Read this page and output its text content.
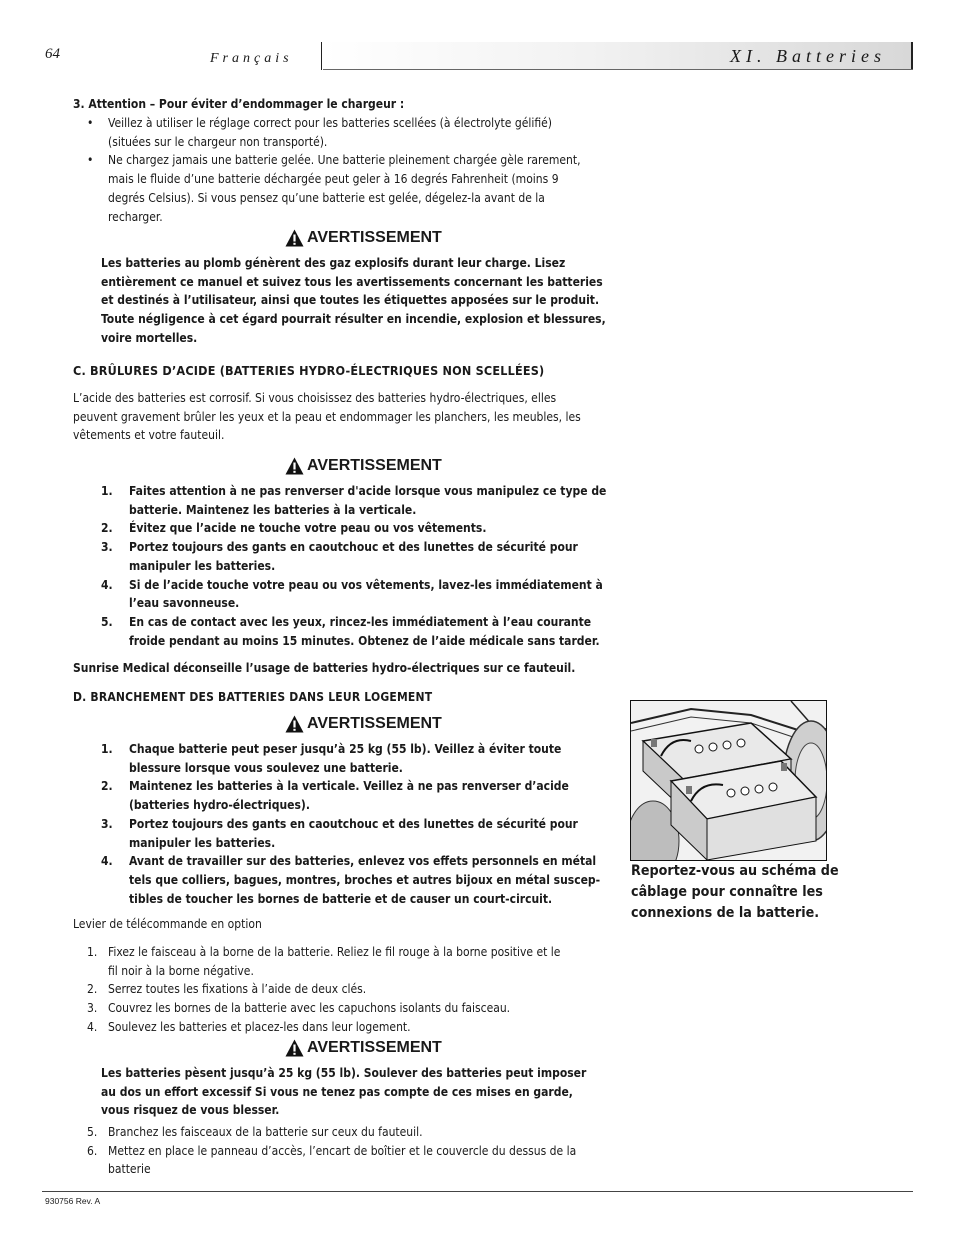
64	Français	XI. Batteries
3. Attention – Pour éviter d’endommager le chargeur :
• Veillez à utiliser le réglage correct pour les batteries scellées (à électrolyte gélifié)
(situées sur le chargeur non transporté).
• Ne chargez jamais une batterie gelée. Une batterie pleinement chargée gèle rarement,
mais le fluide d’une batterie déchargée peut geler à 16 degrés Fahrenheit (moins 9
degrés Celsius). Si vous pensez qu’une batterie est gelée, dégelez-la avant de la
recharger.
AVERTISSEMENT
Les batteries au plomb génèrent des gaz explosifs durant leur charge. Lisez
entièrement ce manuel et suivez tous les avertissements concernant les batteries
et destinés à l’utilisateur, ainsi que toutes les étiquettes apposées sur le produit.
Toute négligence à cet égard pourrait résulter en incendie, explosion et blessures,
voire mortelles.
C. BRÛLURES D’ACIDE (BATTERIES HYDRO-ÉLECTRIQUES NON SCELLÉES)
L’acide des batteries est corrosif. Si vous choisissez des batteries hydro-électriques, elles
peuvent gravement brûler les yeux et la peau et endommager les planchers, les meubles, les
vêtements et votre fauteuil.
AVERTISSEMENT
1. Faites attention à ne pas renverser d'acide lorsque vous manipulez ce type de
batterie. Maintenez les batteries à la verticale.
2. Évitez que l’acide ne touche votre peau ou vos vêtements.
3. Portez toujours des gants en caoutchouc et des lunettes de sécurité pour
manipuler les batteries.
4. Si de l’acide touche votre peau ou vos vêtements, lavez-les immédiatement à
l’eau savonneuse.
5. En cas de contact avec les yeux, rincez-les immédiatement à l’eau courante
froide pendant au moins 15 minutes. Obtenez de l’aide médicale sans tarder.
Sunrise Medical déconseille l’usage de batteries hydro-électriques sur ce fauteuil.
D. BRANCHEMENT DES BATTERIES DANS LEUR LOGEMENT
AVERTISSEMENT
1. Chaque batterie peut peser jusqu’à 25 kg (55 lb). Veillez à éviter toute
blessure lorsque vous soulevez une batterie.
2. Maintenez les batteries à la verticale. Veillez à ne pas renverser d’acide
(batteries hydro-électriques).
3. Portez toujours des gants en caoutchouc et des lunettes de sécurité pour
manipuler les batteries.
4. Avant de travailler sur des batteries, enlevez vos effets personnels en métal
tels que colliers, bagues, montres, broches et autres bijoux en métal suscep-
tibles de toucher les bornes de batterie et de causer un court-circuit.
Levier de télécommande en option
1. Fixez le faisceau à la borne de la batterie. Reliez le fil rouge à la borne positive et le
fil noir à la borne négative.
2. Serrez toutes les fixations à l’aide de deux clés.
3. Couvrez les bornes de la batterie avec les capuchons isolants du faisceau.
4. Soulevez les batteries et placez-les dans leur logement.
AVERTISSEMENT
Les batteries pèsent jusqu’à 25 kg (55 lb). Soulever des batteries peut imposer
au dos un effort excessif Si vous ne tenez pas compte de ces mises en garde,
vous risquez de vous blesser.
5. Branchez les faisceaux de la batterie sur ceux du fauteuil.
6. Mettez en place le panneau d’accès, l’encart de boîtier et le couvercle du dessus de la
batterie
Reportez-vous au schéma de
câblage pour connaître les
connexions de la batterie.
930756 Rev. A
